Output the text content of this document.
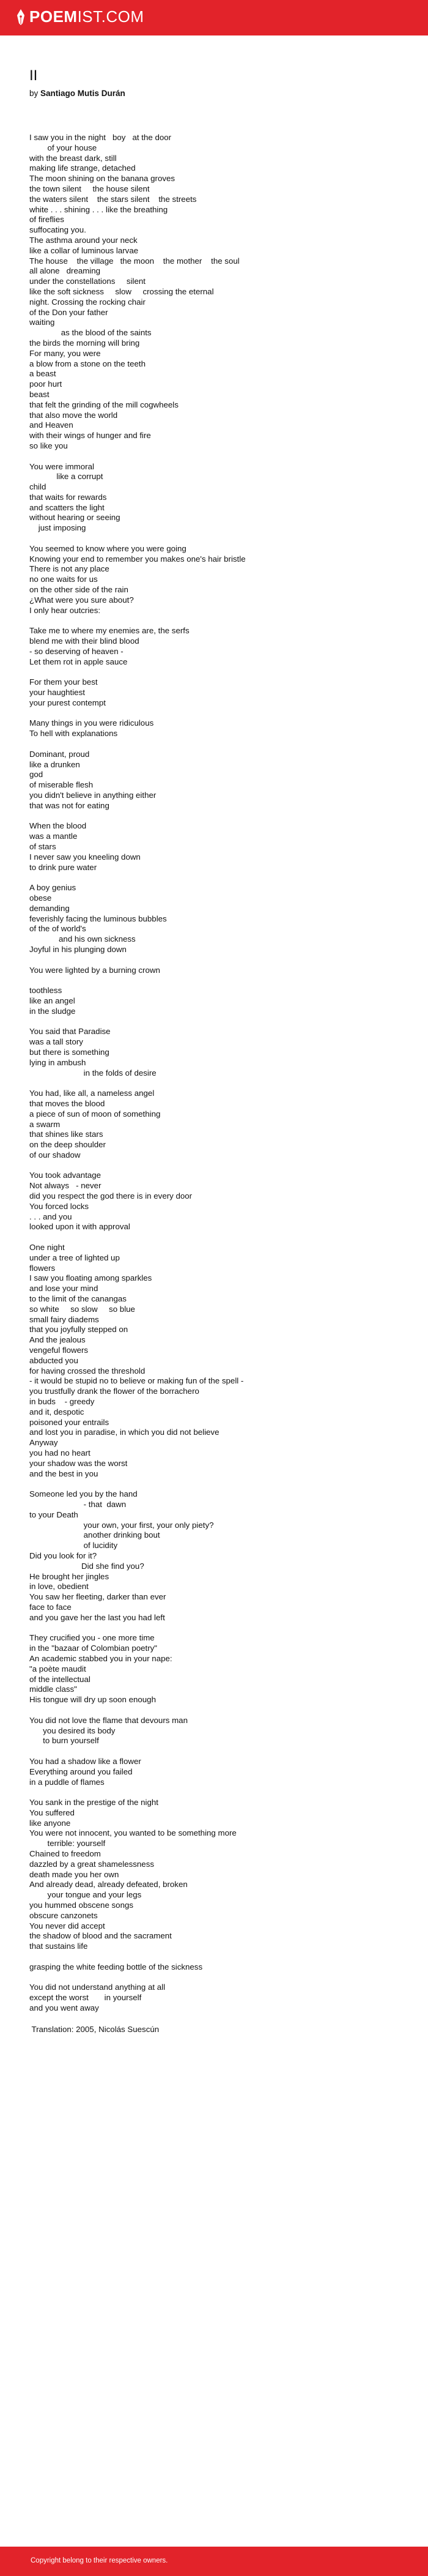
POEMIST.COM
II
by Santiago Mutis Durán
I saw you in the night   boy   at the door
of your house
with the breast dark, still
making life strange, detached
The moon shining on the banana groves
the town silent     the house silent
the waters silent    the stars silent    the streets
white . . . shining . . . like the breathing
of fireflies
suffocating you.
The asthma around your neck
like a collar of luminous larvae
The house    the village   the moon    the mother    the soul
all alone   dreaming
under the constellations     silent
like the soft sickness     slow     crossing the eternal
night. Crossing the rocking chair
of the Don your father
waiting
as the blood of the saints
the birds the morning will bring
For many, you were
a blow from a stone on the teeth
a beast
poor hurt
beast
that felt the grinding of the mill cogwheels
that also move the world
and Heaven
with their wings of hunger and fire
so like you

You were immoral
like a corrupt
child
that waits for rewards
and scatters the light
without hearing or seeing
just imposing

You seemed to know where you were going
Knowing your end to remember you makes one's hair bristle
There is not any place
no one waits for us
on the other side of the rain
¿What were you sure about?
I only hear outcries:

Take me to where my enemies are, the serfs
blend me with their blind blood
- so deserving of heaven -
Let them rot in apple sauce

For them your best
your haughtiest
your purest contempt

Many things in you were ridiculous
To hell with explanations

Dominant, proud
like a drunken
god
of miserable flesh
you didn't believe in anything either
that was not for eating

When the blood
was a mantle
of stars
I never saw you kneeling down
to drink pure water

A boy genius
obese
demanding
feverishly facing the luminous bubbles
of the of world's
and his own sickness
Joyful in his plunging down

You were lighted by a burning crown

toothless
like an angel
in the sludge

You said that Paradise
was a tall story
but there is something
lying in ambush
in the folds of desire

You had, like all, a nameless angel
that moves the blood
a piece of sun of moon of something
a swarm
that shines like stars
on the deep shoulder
of our shadow

You took advantage
Not always   - never
did you respect the god there is in every door
You forced locks
. . . and you
looked upon it with approval

One night
under a tree of lighted up
flowers
I saw you floating among sparkles
and lose your mind
to the limit of the canangas
so white     so slow     so blue
small fairy diadems
that you joyfully stepped on
And the jealous
vengeful flowers
abducted you
for having crossed the threshold
- it would be stupid no to believe or making fun of the spell -
you trustfully drank the flower of the borrachero
in buds    - greedy
and it, despotic
poisoned your entrails
and lost you in paradise, in which you did not believe
Anyway
you had no heart
your shadow was the worst
and the best in you

Someone led you by the hand
- that  dawn
to your Death
your own, your first, your only piety?
another drinking bout
of lucidity
Did you look for it?
Did she find you?
He brought her jingles
in love, obedient
You saw her fleeting, darker than ever
face to face
and you gave her the last you had left

They crucified you - one more time
in the "bazaar of Colombian poetry"
An academic stabbed you in your nape:
"a poète maudit
of the intellectual
middle class"
His tongue will dry up soon enough

You did not love the flame that devours man
you desired its body
to burn yourself

You had a shadow like a flower
Everything around you failed
in a puddle of flames

You sank in the prestige of the night
You suffered
like anyone
You were not innocent, you wanted to be something more
terrible: yourself
Chained to freedom
dazzled by a great shamelessness
death made you her own
And already dead, already defeated, broken
your tongue and your legs
you hummed obscene songs
obscure canzonets
You never did accept
the shadow of blood and the sacrament
that sustains life

grasping the white feeding bottle of the sickness

You did not understand anything at all
except the worst       in yourself
and you went away
Translation: 2005, Nicolás Suescún
Copyright belong to their respective owners.
